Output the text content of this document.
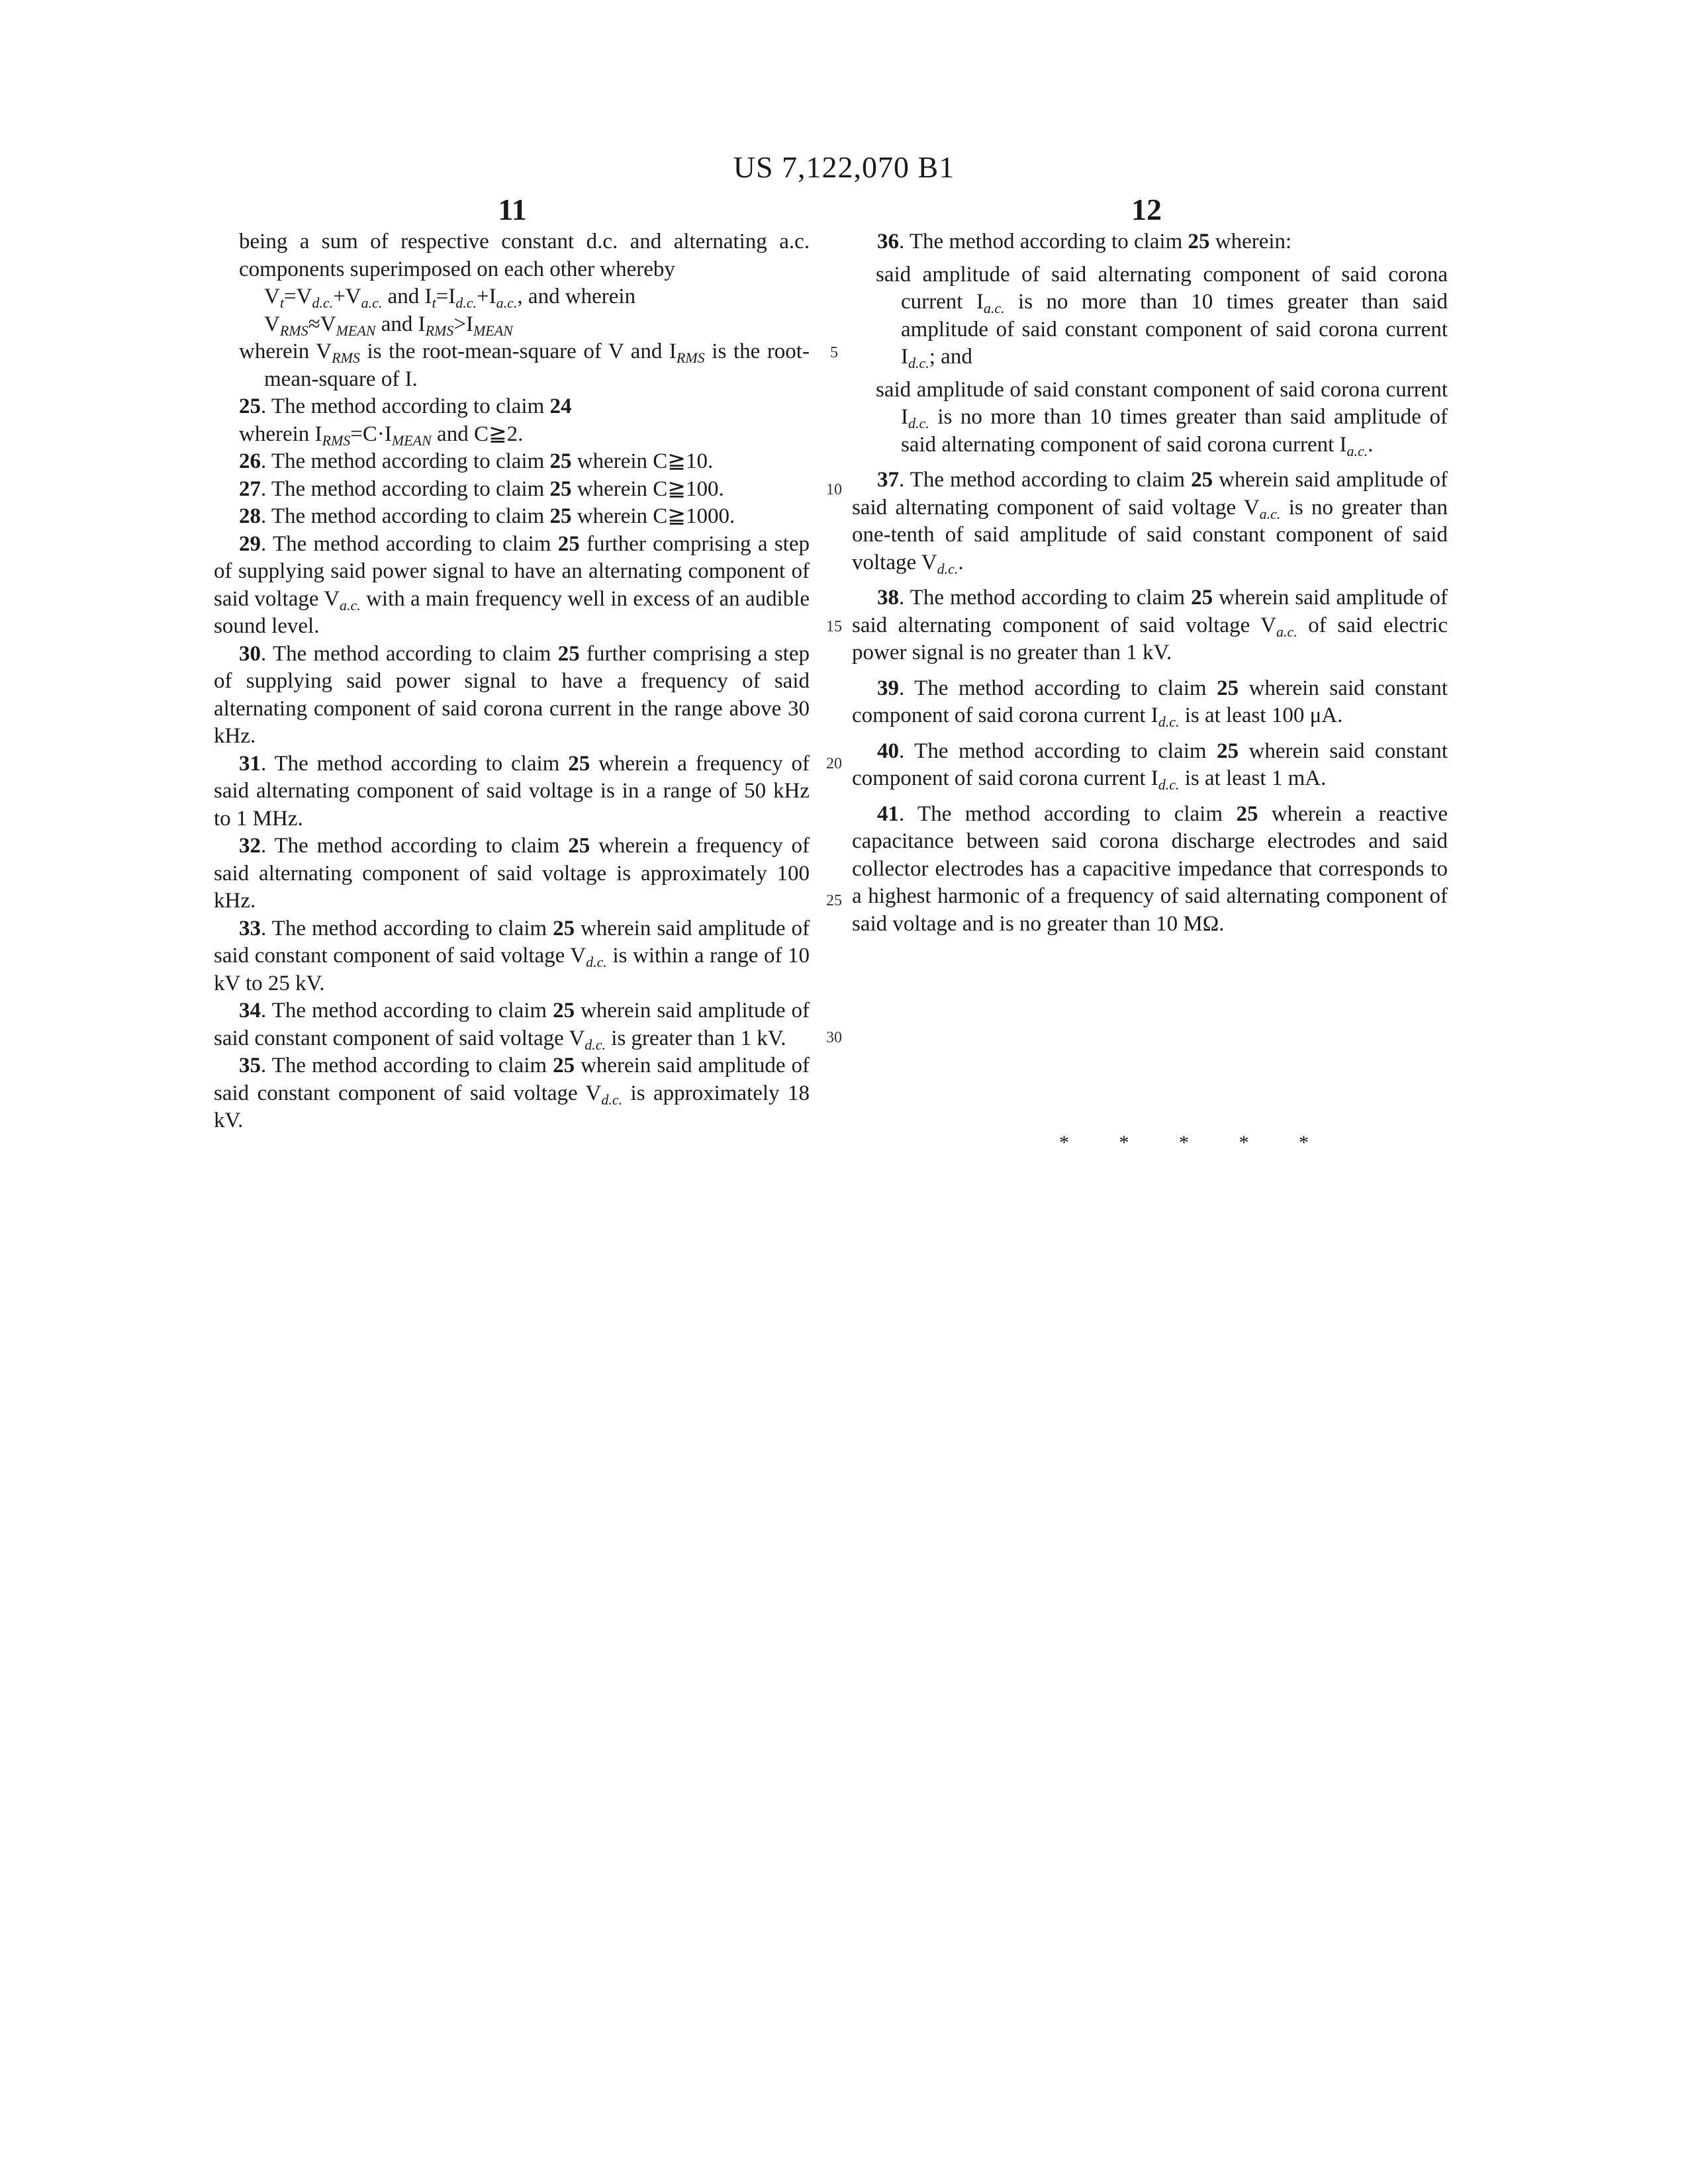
US 7,122,070 B1
11	12

being a sum of respective constant d.c. and alternating a.c. components superimposed on each other whereby

$V_t=V_{d.c.}+V_{a.c.}$ and $I_t=I_{d.c.}+I_{a.c.}$, and wherein

$V_{RMS}\approx V_{MEAN}$ and $I_{RMS}>I_{MEAN}$

wherein $V_{RMS}$ is the root-mean-square of V and $I_{RMS}$ is the root-mean-square of I.

25. The method according to claim 24

wherein $I_{RMS}=C\cdot I_{MEAN}$ and C≧2.

26. The method according to claim 25 wherein C≧10.

27. The method according to claim 25 wherein C≧100.

28. The method according to claim 25 wherein C≧1000.

29. The method according to claim 25 further comprising a step of supplying said power signal to have an alternating component of said voltage $V_{a.c.}$ with a main frequency well in excess of an audible sound level.

30. The method according to claim 25 further comprising a step of supplying said power signal to have a frequency of said alternating component of said corona current in the range above 30 kHz.

31. The method according to claim 25 wherein a frequency of said alternating component of said voltage is in a range of 50 kHz to 1 MHz.

32. The method according to claim 25 wherein a frequency of said alternating component of said voltage is approximately 100 kHz.

33. The method according to claim 25 wherein said amplitude of said constant component of said voltage $V_{d.c.}$ is within a range of 10 kV to 25 kV.

34. The method according to claim 25 wherein said amplitude of said constant component of said voltage $V_{d.c.}$ is greater than 1 kV.

35. The method according to claim 25 wherein said amplitude of said constant component of said voltage $V_{d.c.}$ is approximately 18 kV.

5
10
15
20
25
30

36. The method according to claim 25 wherein:

said amplitude of said alternating component of said corona current $I_{a.c.}$ is no more than 10 times greater than said amplitude of said constant component of said corona current $I_{d.c.}$; and

said amplitude of said constant component of said corona current $I_{d.c.}$ is no more than 10 times greater than said amplitude of said alternating component of said corona current $I_{a.c.}$.

37. The method according to claim 25 wherein said amplitude of said alternating component of said voltage $V_{a.c.}$ is no greater than one-tenth of said amplitude of said constant component of said voltage $V_{d.c.}$.

38. The method according to claim 25 wherein said amplitude of said alternating component of said voltage $V_{a.c.}$ of said electric power signal is no greater than 1 kV.

39. The method according to claim 25 wherein said constant component of said corona current $I_{d.c.}$ is at least 100 μA.

40. The method according to claim 25 wherein said constant component of said corona current $I_{d.c.}$ is at least 1 mA.

41. The method according to claim 25 wherein a reactive capacitance between said corona discharge electrodes and said collector electrodes has a capacitive impedance that corresponds to a highest harmonic of a frequency of said alternating component of said voltage and is no greater than 10 MΩ.

* * * * *
